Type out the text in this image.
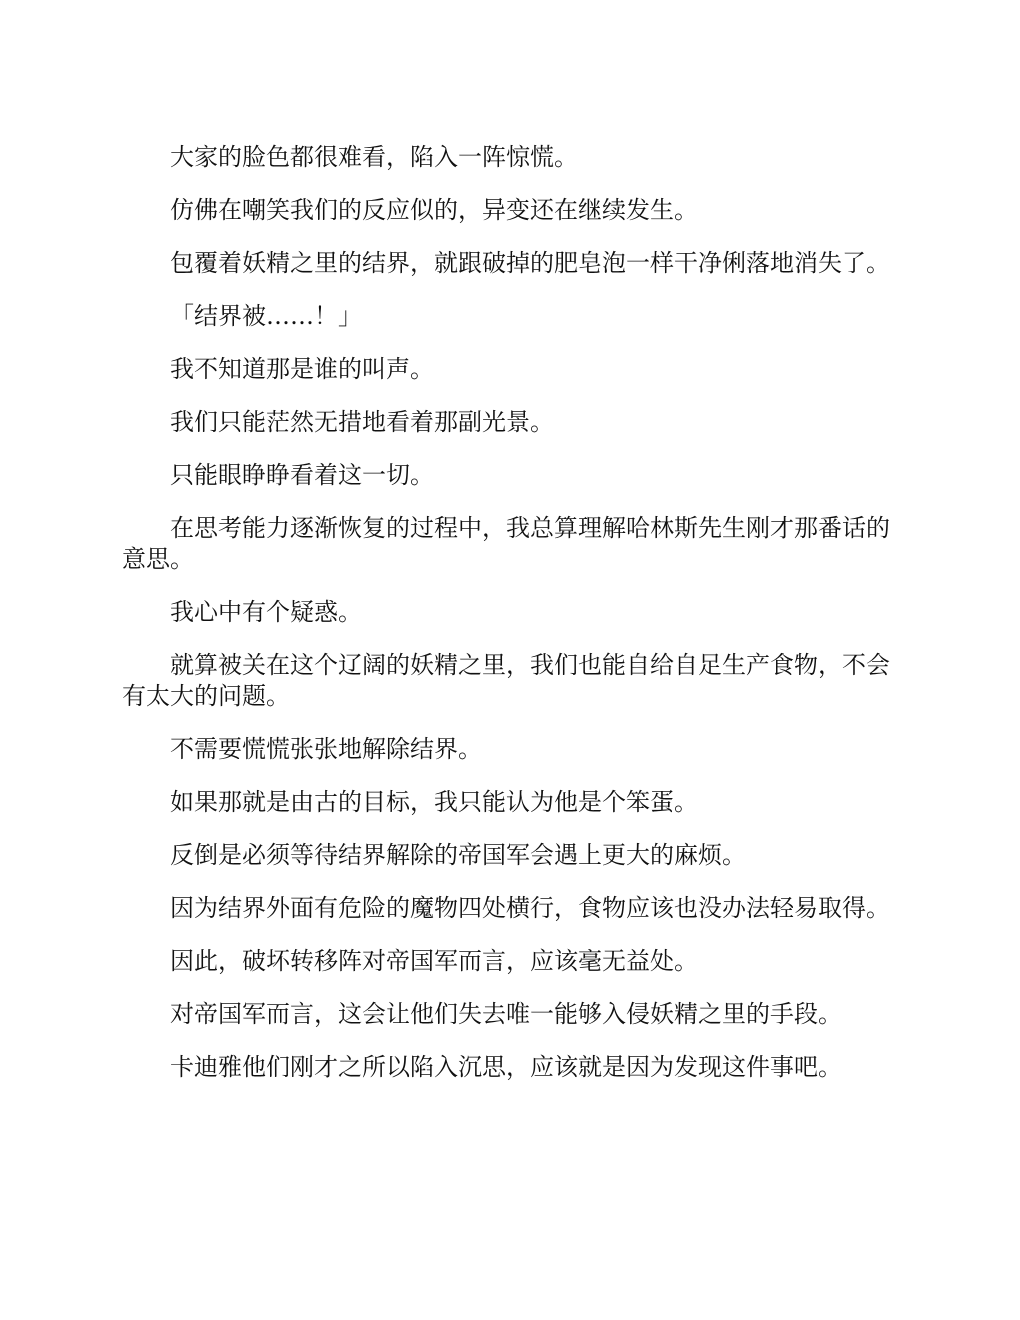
大家的脸色都很难看，陷入一阵惊慌。

仿佛在嘲笑我们的反应似的，异变还在继续发生。

包覆着妖精之里的结界，就跟破掉的肥皂泡一样干净俐落地消失了。

「结界被……！」

我不知道那是谁的叫声。

我们只能茫然无措地看着那副光景。

只能眼睁睁看着这一切。

在思考能力逐渐恢复的过程中，我总算理解哈林斯先生刚才那番话的意思。

我心中有个疑惑。

就算被关在这个辽阔的妖精之里，我们也能自给自足生产食物，不会有太大的问题。

不需要慌慌张张地解除结界。

如果那就是由古的目标，我只能认为他是个笨蛋。

反倒是必须等待结界解除的帝国军会遇上更大的麻烦。

因为结界外面有危险的魔物四处横行，食物应该也没办法轻易取得。

因此，破坏转移阵对帝国军而言，应该毫无益处。

对帝国军而言，这会让他们失去唯一能够入侵妖精之里的手段。

卡迪雅他们刚才之所以陷入沉思，应该就是因为发现这件事吧。
